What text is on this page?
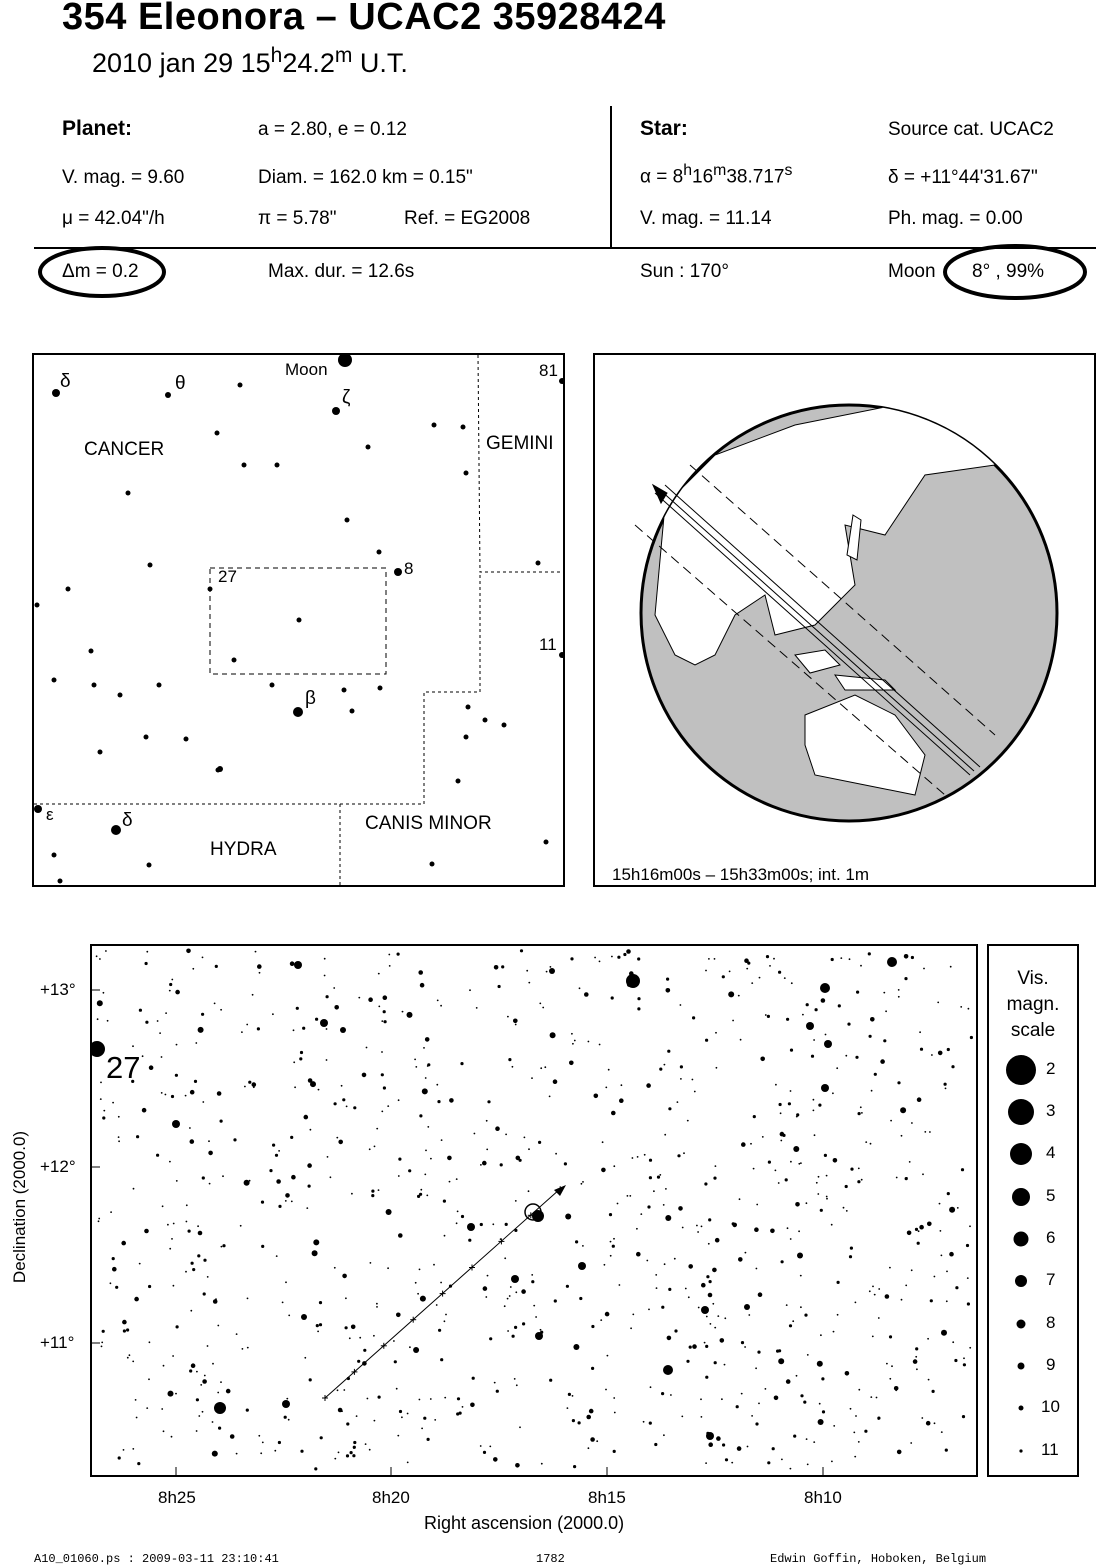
354 Eleonora – UCAC2 35928424
2010 jan 29 15$^h$24.2$^m$ U.T.
Planet:	a = 2.80, e = 0.12
V. mag. = 9.60	Diam. = 162.0 km = 0.15"
μ = 42.04"/h	π = 5.78"	Ref. = EG2008
Star:	Source cat. UCAC2
$\alpha = 8^h16^m38.717^s$	δ = +11°44'31.67"
V. mag. = 11.14	Ph. mag. = 0.00
Δm = 0.2	Max. dur. = 12.6s	Sun : 170°	Moon 8° , 99%
CANCER	GEMINI
HYDRA
CANIS MINOR
Moon
δ	θ
ζ
81
27	8
11
β
ε	δ
15h16m00s – 15h33m00s; int. 1m
Declination (2000.0)
+13°
+12°
+11°
8h25	8h20	8h15	8h10
Right ascension (2000.0)
27
Vis.
magn.
scale
2
3
4
5
6
7
8
9
10
11
A10_01060.ps : 2009-03-11 23:10:41	1782	Edwin Goffin, Hoboken, Belgium
